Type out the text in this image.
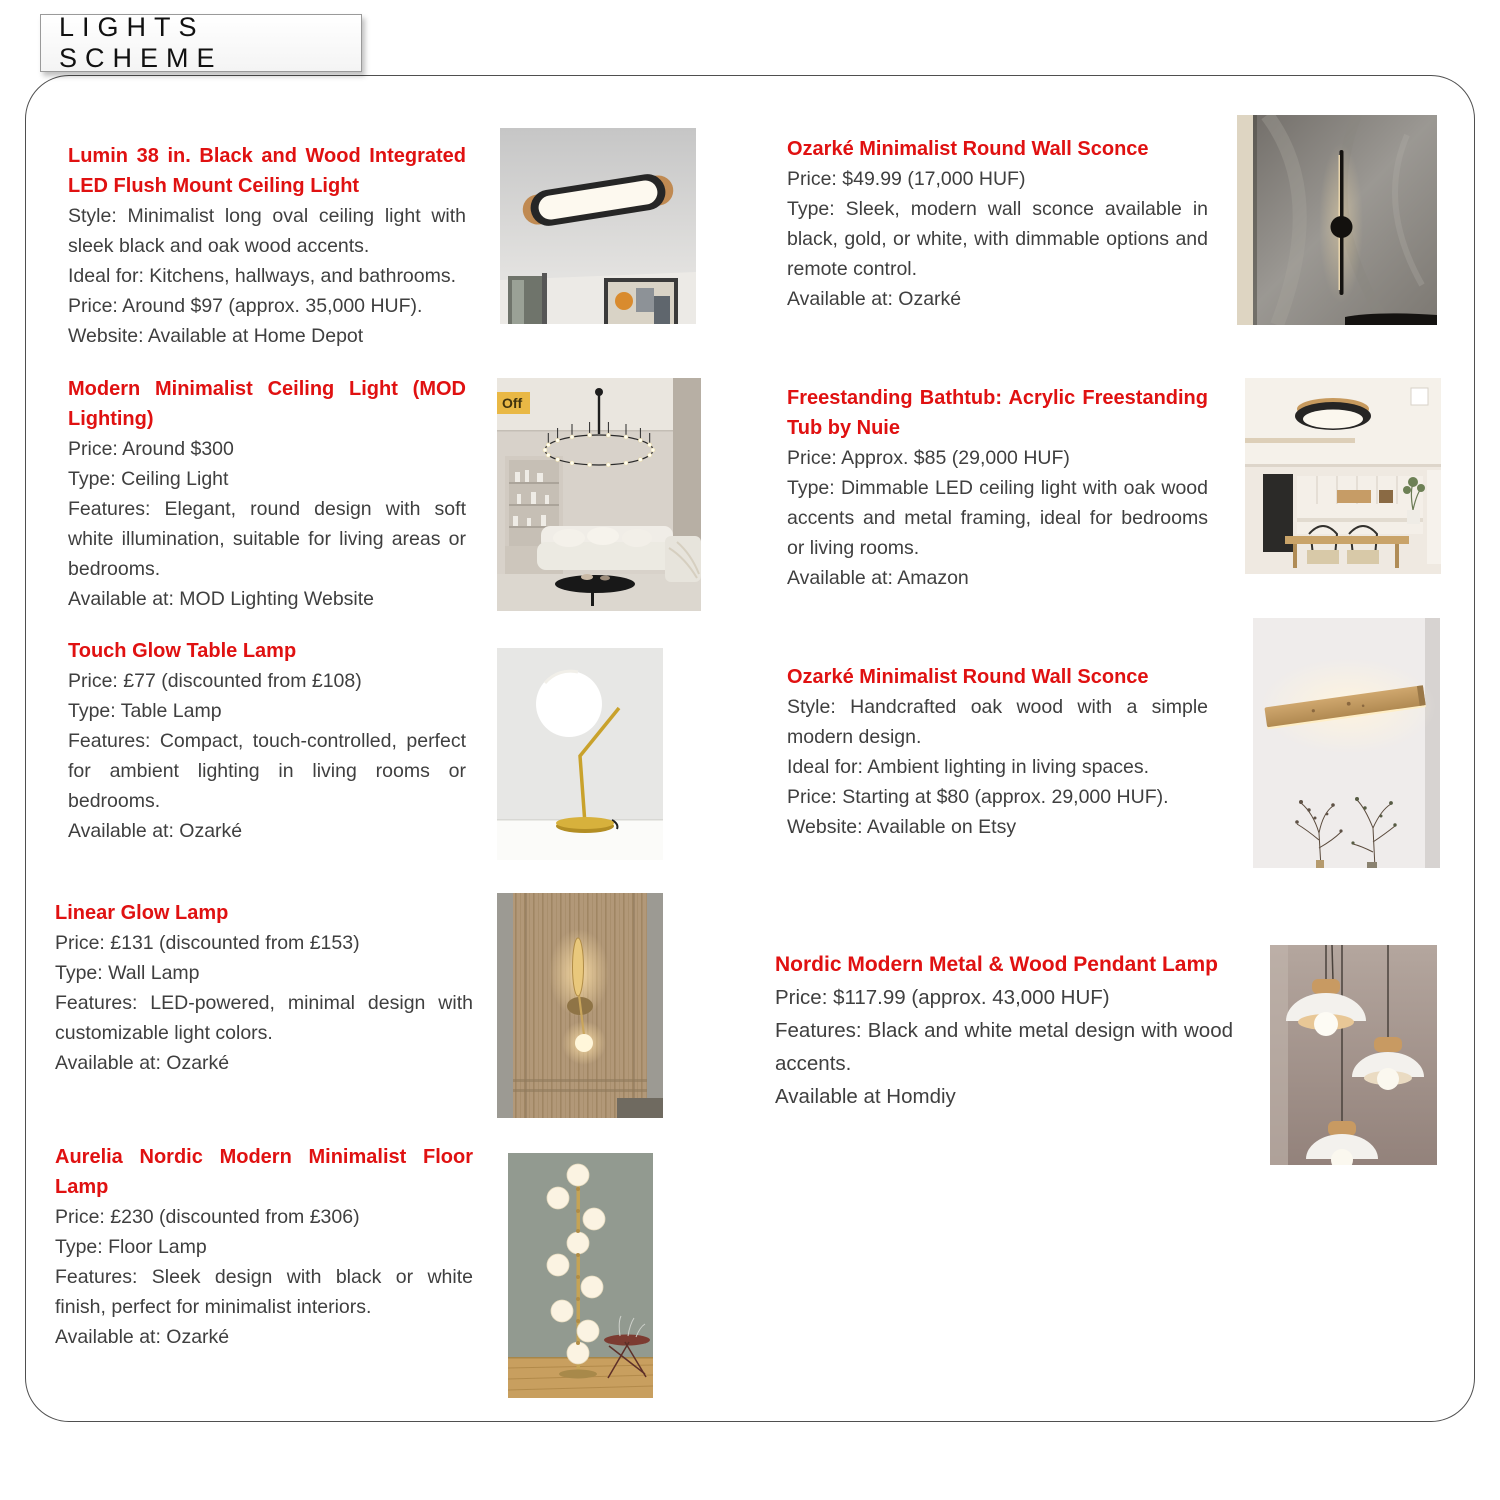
LIGHTS SCHEME
Lumin 38 in. Black and Wood Integrated LED Flush Mount Ceiling Light

Style: Minimalist long oval ceiling light with sleek black and oak wood accents.

Ideal for: Kitchens, hallways, and bathrooms.

Price: Around $97 (approx. 35,000 HUF).

Website: Available at Home Depot

Modern Minimalist Ceiling Light (MOD Lighting)

Price: Around $300

Type: Ceiling Light

Features: Elegant, round design with soft white illumination, suitable for living areas or bedrooms.

Available at: MOD Lighting Website

Touch Glow Table Lamp

Price: £77 (discounted from £108)

Type: Table Lamp

Features: Compact, touch-controlled, perfect for ambient lighting in living rooms or bedrooms.

Available at: Ozarké

Linear Glow Lamp

Price: £131 (discounted from £153)

Type: Wall Lamp

Features: LED-powered, minimal design with customizable light colors.

Available at: Ozarké

Aurelia Nordic Modern Minimalist Floor Lamp

Price: £230 (discounted from £306)

Type: Floor Lamp

Features: Sleek design with black or white finish, perfect for minimalist interiors.

Available at: Ozarké

Ozarké Minimalist Round Wall Sconce

Price: $49.99 (17,000 HUF)

Type: Sleek, modern wall sconce available in black, gold, or white, with dimmable options and remote control.

Available at: Ozarké

Freestanding Bathtub: Acrylic Freestanding Tub by Nuie

Price: Approx. $85 (29,000 HUF)

Type: Dimmable LED ceiling light with oak wood accents and metal framing, ideal for bedrooms or living rooms.

Available at: Amazon

Ozarké Minimalist Round Wall Sconce

Style: Handcrafted oak wood with a simple modern design.

Ideal for: Ambient lighting in living spaces.

Price: Starting at $80 (approx. 29,000 HUF).

Website: Available on Etsy

Nordic Modern Metal & Wood Pendant Lamp

Price: $117.99 (approx. 43,000 HUF)

Features: Black and white metal design with wood accents.

Available at Homdiy

Off
